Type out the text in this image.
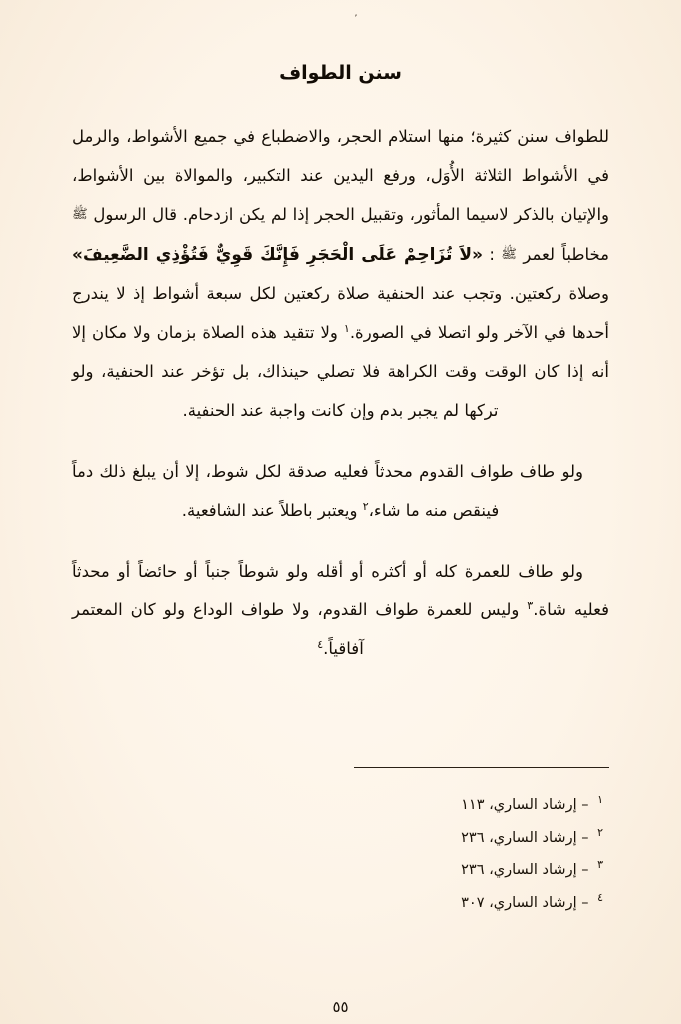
ʼ
سنن الطواف

للطواف سنن كثيرة؛ منها استلام الحجر، والاضطباع في جميع الأشواط، والرمل في الأشواط الثلاثة الأُوَل، ورفع اليدين عند التكبير، والموالاة بين الأشواط، والإتيان بالذكر لاسيما المأثور، وتقبيل الحجر إذا لم يكن ازدحام. قال الرسول ﷺ مخاطباً لعمر ﷺ : «لاَ تُزَاحِمْ عَلَى الْحَجَرِ فَإِنَّكَ قَوِيٌّ فَتُؤْذِي الضَّعِيفَ» وصلاة ركعتين. وتجب عند الحنفية صلاة ركعتين لكل سبعة أشواط إذ لا يندرج أحدها في الآخر ولو اتصلا في الصورة.$^١$ ولا تتقيد هذه الصلاة بزمان ولا مكان إلا أنه إذا كان الوقت وقت الكراهة فلا تصلي حينذاك، بل تؤخر عند الحنفية، ولو تركها لم يجبر بدم وإن كانت واجبة عند الحنفية.

ولو طاف طواف القدوم محدثاً فعليه صدقة لكل شوط، إلا أن يبلغ ذلك دماً فينقص منه ما شاء،$^٢$ ويعتبر باطلاً عند الشافعية.

ولو طاف للعمرة كله أو أكثره أو أقله ولو شوطاً جنباً أو حائضاً أو محدثاً فعليه شاة.$^٣$ وليس للعمرة طواف القدوم، ولا طواف الوداع ولو كان المعتمر آفاقياً.$^٤$

$^١$ – إرشاد الساري، ١١٣
$^٢$ – إرشاد الساري، ٢٣٦
$^٣$ – إرشاد الساري، ٢٣٦
$^٤$ – إرشاد الساري، ٣٠٧
٥٥
